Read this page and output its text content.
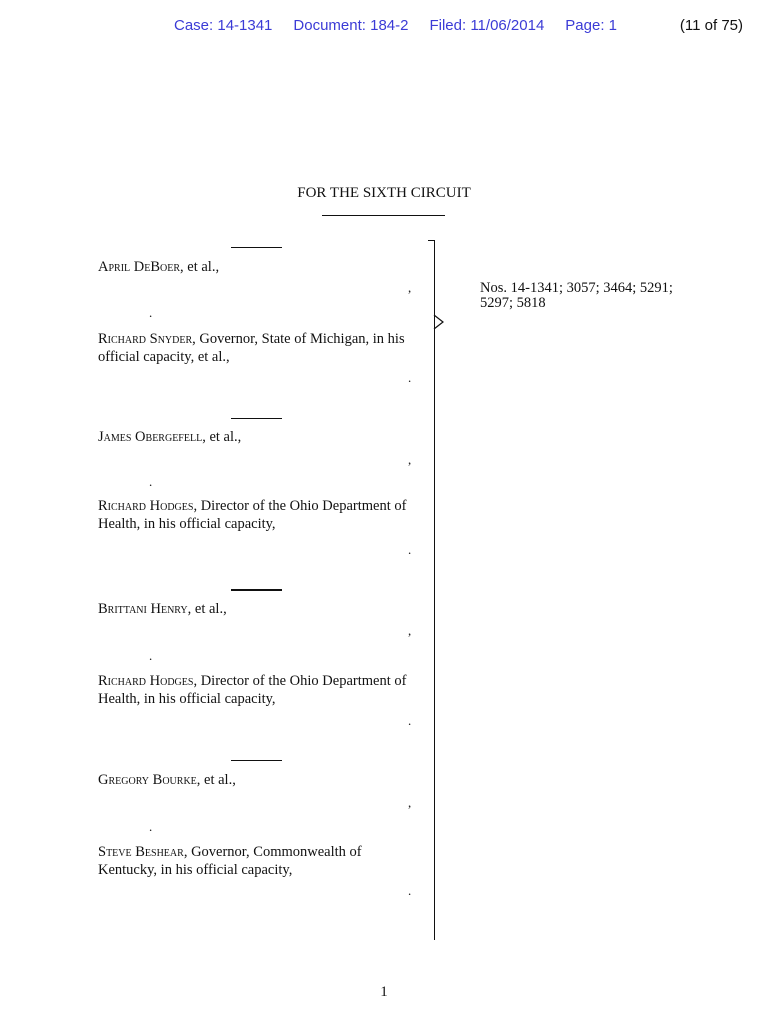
Case: 14-1341 Document: 184-2 Filed: 11/06/2014 Page: 1	(11 of 75)
FOR THE SIXTH CIRCUIT
April DeBoer, et al.,
,
.
Richard Snyder, Governor, State of Michigan, in his official capacity, et al.,
.
James Obergefell, et al.,
,
.
Richard Hodges, Director of the Ohio Department of Health, in his official capacity,
.
Brittani Henry, et al.,
,
.
Richard Hodges, Director of the Ohio Department of Health, in his official capacity,
.
Gregory Bourke, et al.,
,
.
Steve Beshear, Governor, Commonwealth of Kentucky, in his official capacity,
.
Nos. 14-1341; 3057; 3464; 5291; 5297; 5818
1
